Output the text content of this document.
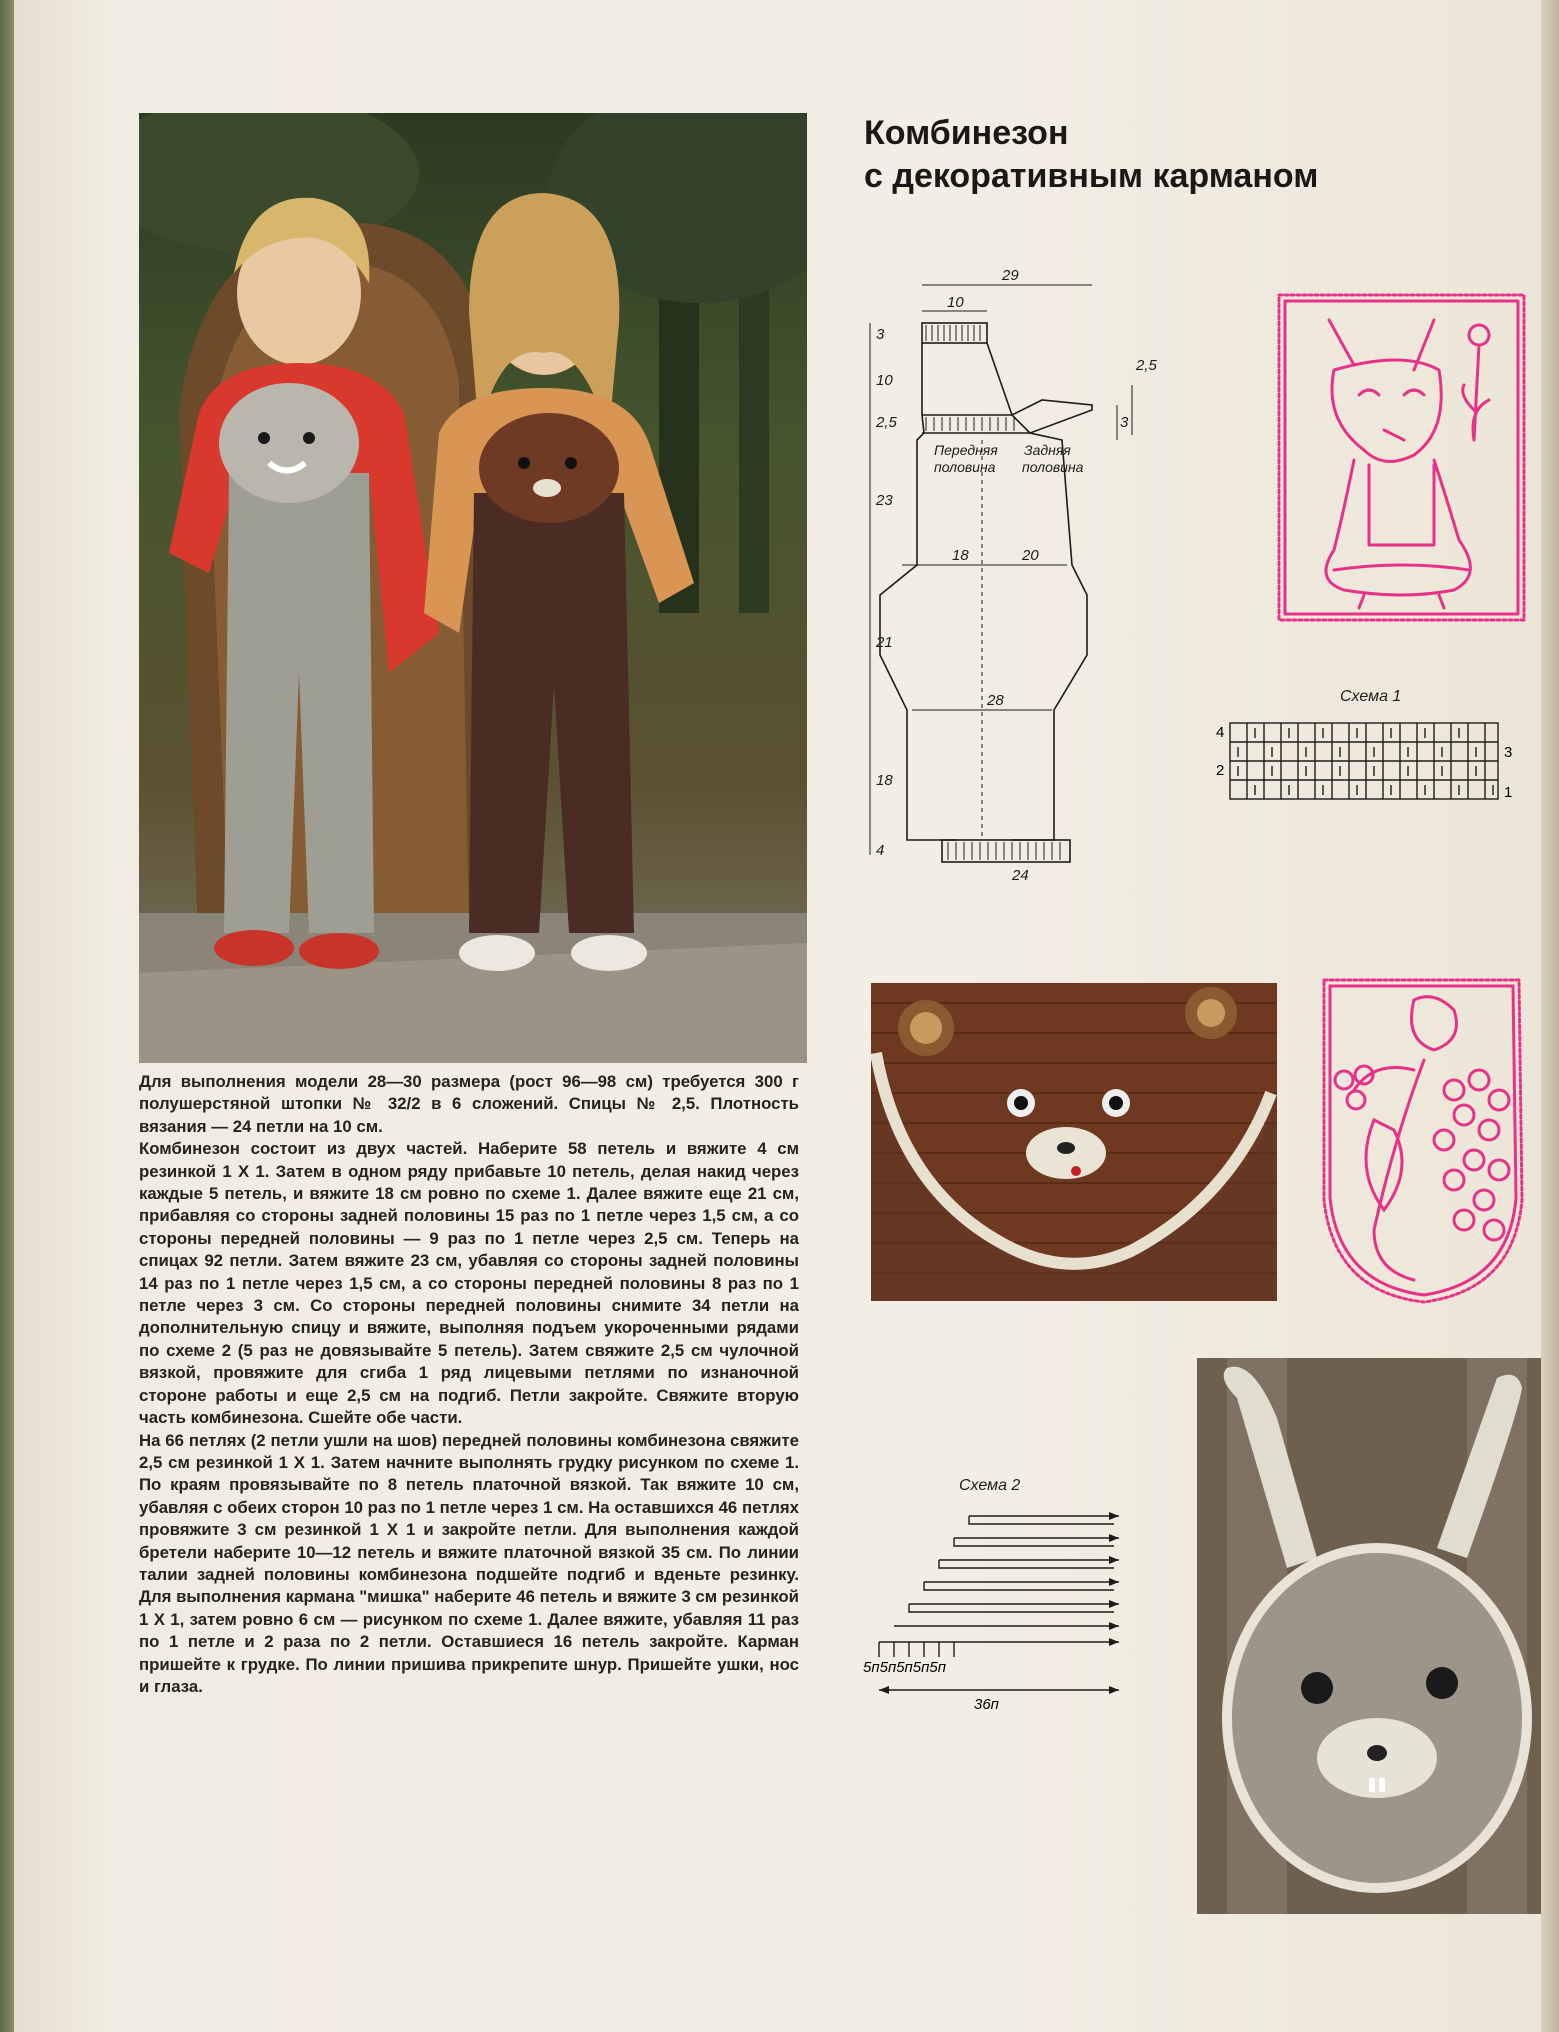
Комбинезон
с декоративным карманом
29
10
3
10
2,5
3
2,5
23
18	20
21
28
18
4
24
Передняя
половина
Задняя
половина
Схема 1
4
2
3
1
Схема 2
5п5п5п5п5п
36п

Для выполнения модели 28—30 размера (рост 96—98 см) требуется 300 г полушерстяной штопки № 32/2 в 6 сложений. Спицы № 2,5. Плотность вязания — 24 петли на 10 см.

Комбинезон состоит из двух частей. Наберите 58 петель и вяжите 4 см резинкой 1 Х 1. Затем в одном ряду прибавьте 10 петель, делая накид через каждые 5 петель, и вяжите 18 см ровно по схеме 1. Далее вяжите еще 21 см, прибавляя со стороны задней половины 15 раз по 1 петле через 1,5 см, а со стороны передней половины — 9 раз по 1 петле через 2,5 см. Теперь на спицах 92 петли. Затем вяжите 23 см, убавляя со стороны задней половины 14 раз по 1 петле через 1,5 см, а со стороны передней половины 8 раз по 1 петле через 3 см. Со стороны передней половины снимите 34 петли на дополнительную спицу и вяжите, выполняя подъем укороченными рядами по схеме 2 (5 раз не довязывайте 5 петель). Затем свяжите 2,5 см чулочной вязкой, провяжите для сгиба 1 ряд лицевыми петлями по изнаночной стороне работы и еще 2,5 см на подгиб. Петли закройте. Свяжите вторую часть комбинезона. Сшейте обе части.

На 66 петлях (2 петли ушли на шов) передней половины комбинезона свяжите 2,5 см резинкой 1 Х 1. Затем начните выполнять грудку рисунком по схеме 1. По краям провязывайте по 8 петель платочной вязкой. Так вяжите 10 см, убавляя с обеих сторон 10 раз по 1 петле через 1 см. На оставшихся 46 петлях провяжите 3 см резинкой 1 Х 1 и закройте петли. Для выполнения каждой бретели наберите 10—12 петель и вяжите платочной вязкой 35 см. По линии талии задней половины комбинезона подшейте подгиб и вденьте резинку. Для выполнения кармана "мишка" наберите 46 петель и вяжите 3 см резинкой 1 Х 1, затем ровно 6 см — рисунком по схеме 1. Далее вяжите, убавляя 11 раз по 1 петле и 2 раза по 2 петли. Оставшиеся 16 петель закройте. Карман пришейте к грудке. По линии пришива прикрепите шнур. Пришейте ушки, нос и глаза.
